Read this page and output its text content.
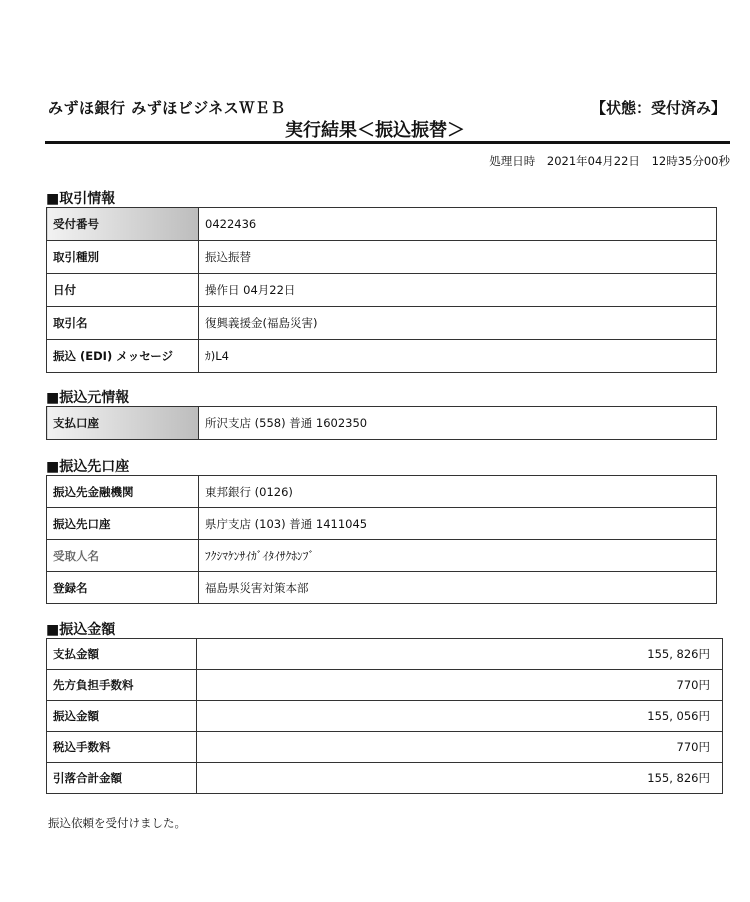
みずほ銀行 みずほビジネスＷＥＢ	【状態：受付済み】
実行結果＜振込振替＞
処理日時 2021年04月22日 12時35分00秒
■取引情報
受付番号	0422436
取引種別	振込振替
日付	操作日 04月22日
取引名	復興義援金(福島災害)
振込 (EDI) メッセージ	ｶ)L4
■振込元情報
支払口座	所沢支店 (558) 普通 1602350
■振込先口座
振込先金融機関	東邦銀行 (0126)
振込先口座	県庁支店 (103) 普通 1411045
受取人名	ﾌｸｼﾏｹﾝｻｲｶﾞｲﾀｲｻｸﾎﾝﾌﾞ
登録名	福島県災害対策本部
■振込金額
支払金額	155, 826円
先方負担手数料	770円
振込金額	155, 056円
税込手数料	770円
引落合計金額	155, 826円
振込依頼を受付けました。
